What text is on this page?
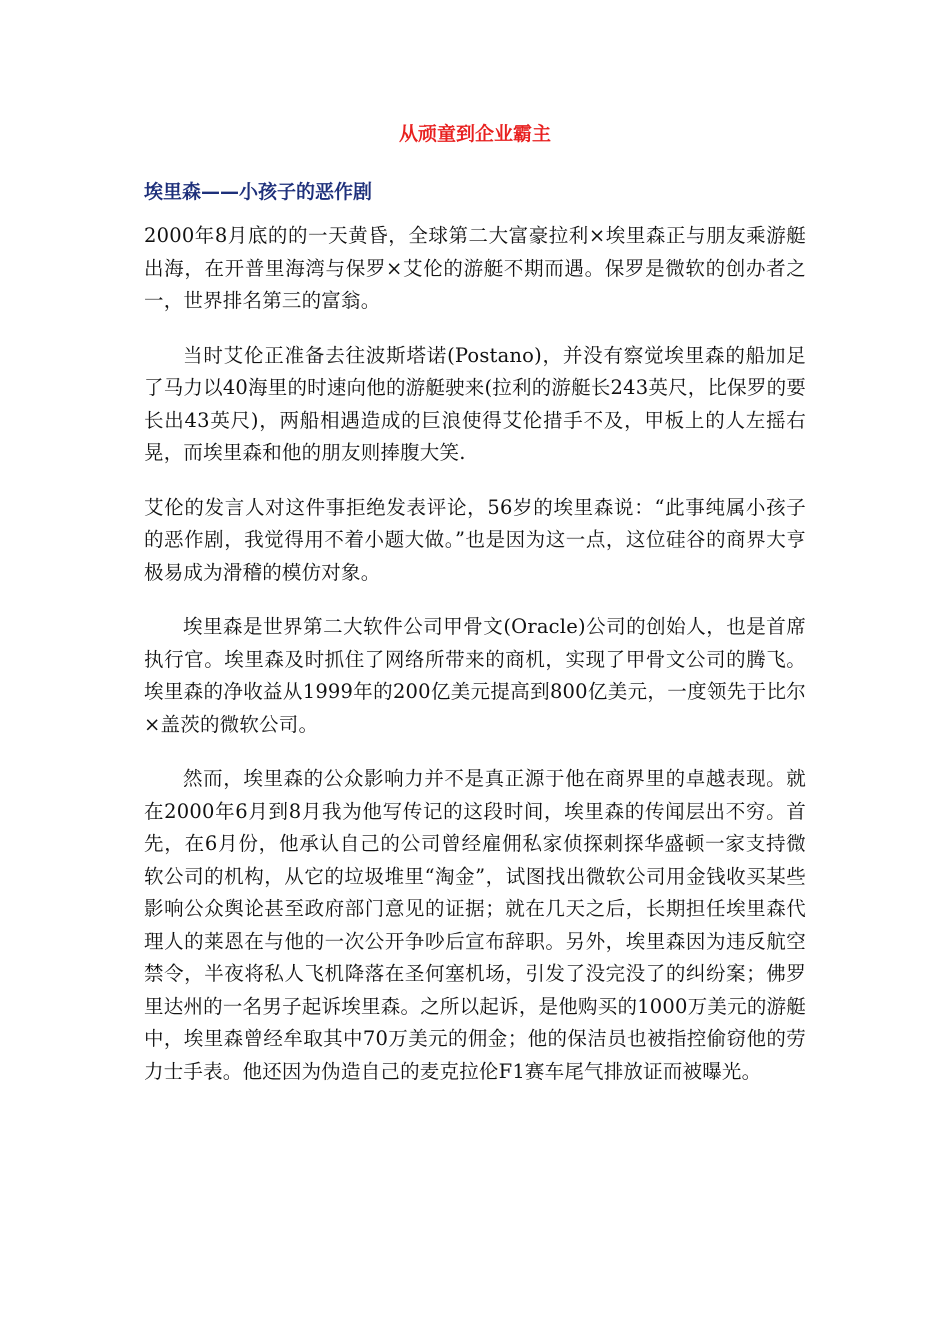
从顽童到企业霸主
埃里森——小孩子的恶作剧

2000年8月底的的一天黄昏，全球第二大富豪拉利×埃里森正与朋友乘游艇出海，在开普里海湾与保罗×艾伦的游艇不期而遇。保罗是微软的创办者之一，世界排名第三的富翁。

当时艾伦正准备去往波斯塔诺(Postano)，并没有察觉埃里森的船加足了马力以40海里的时速向他的游艇驶来(拉利的游艇长243英尺，比保罗的要长出43英尺)，两船相遇造成的巨浪使得艾伦措手不及，甲板上的人左摇右晃，而埃里森和他的朋友则捧腹大笑.

艾伦的发言人对这件事拒绝发表评论，56岁的埃里森说：“此事纯属小孩子的恶作剧，我觉得用不着小题大做。”也是因为这一点，这位硅谷的商界大亨极易成为滑稽的模仿对象。

埃里森是世界第二大软件公司甲骨文(Oracle)公司的创始人，也是首席执行官。埃里森及时抓住了网络所带来的商机，实现了甲骨文公司的腾飞。埃里森的净收益从1999年的200亿美元提高到800亿美元，一度领先于比尔×盖茨的微软公司。

然而，埃里森的公众影响力并不是真正源于他在商界里的卓越表现。就在2000年6月到8月我为他写传记的这段时间，埃里森的传闻层出不穷。首先，在6月份，他承认自己的公司曾经雇佣私家侦探刺探华盛顿一家支持微软公司的机构，从它的垃圾堆里“淘金”，试图找出微软公司用金钱收买某些影响公众舆论甚至政府部门意见的证据；就在几天之后，长期担任埃里森代理人的莱恩在与他的一次公开争吵后宣布辞职。另外，埃里森因为违反航空禁令，半夜将私人飞机降落在圣何塞机场，引发了没完没了的纠纷案；佛罗里达州的一名男子起诉埃里森。之所以起诉，是他购买的1000万美元的游艇中，埃里森曾经牟取其中70万美元的佣金；他的保洁员也被指控偷窃他的劳力士手表。他还因为伪造自己的麦克拉伦F1赛车尾气排放证而被曝光。
